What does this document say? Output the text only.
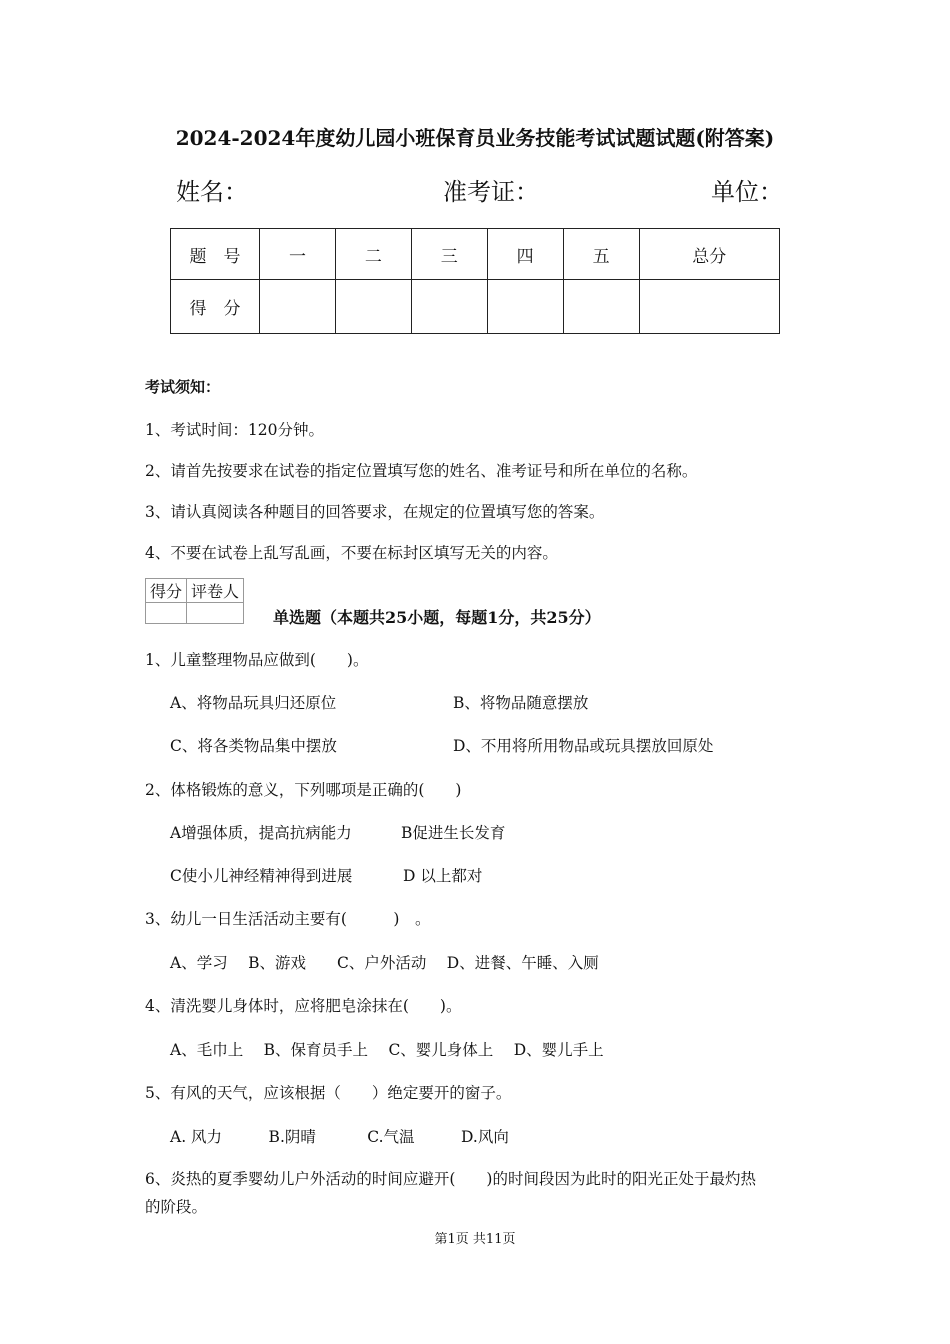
2024-2024年度幼儿园小班保育员业务技能考试试题试题(附答案)
姓名：	准考证：	单位：
题　号	一	二	三	四	五	总分
得　分						
考试须知：
1、考试时间：120分钟。
2、请首先按要求在试卷的指定位置填写您的姓名、准考证号和所在单位的名称。
3、请认真阅读各种题目的回答要求，在规定的位置填写您的答案。
4、不要在试卷上乱写乱画，不要在标封区填写无关的内容。
得分	评卷人

单选题（本题共25小题，每题1分，共25分）
1、儿童整理物品应做到(　　)。
A、将物品玩具归还原位	B、将物品随意摆放
C、将各类物品集中摆放	D、不用将所用物品或玩具摆放回原处
2、体格锻炼的意义，下列哪项是正确的(　　)
A增强体质，提高抗病能力	B促进生长发育
C使小儿神经精神得到进展	D 以上都对
3、幼儿一日生活活动主要有(　　　)　。
A、学习　 B、游戏　　C、户外活动　 D、进餐、午睡、入厕
4、清洗婴儿身体时，应将肥皂涂抹在(　　)。
A、毛巾上　 B、保育员手上　 C、婴儿身体上　 D、婴儿手上
5、有风的天气，应该根据（　　）绝定要开的窗子。
A. 风力　　　B.阴晴　　　 C.气温　　　D.风向
6、炎热的夏季婴幼儿户外活动的时间应避开(　　)的时间段因为此时的阳光正处于最灼热
的阶段。
第1页 共11页
